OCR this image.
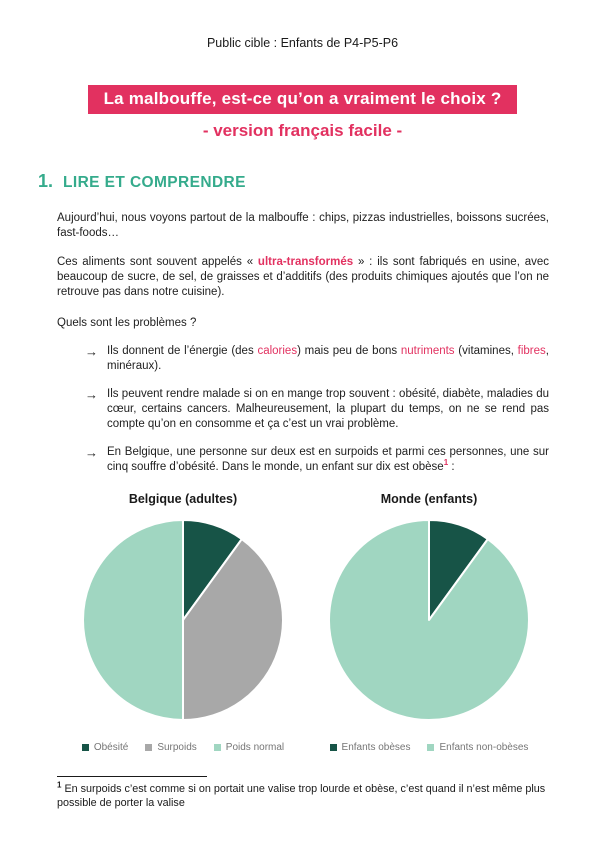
Public cible : Enfants de P4-P5-P6
La malbouffe, est-ce qu’on a vraiment le choix ?
- version français facile -
1. LIRE ET COMPRENDRE

Aujourd’hui, nous voyons partout de la malbouffe : chips, pizzas industrielles, boissons sucrées, fast-foods…

Ces aliments sont souvent appelés « ultra-transformés » : ils sont fabriqués en usine, avec beaucoup de sucre, de sel, de graisses et d’additifs (des produits chimiques ajoutés que l’on ne retrouve pas dans notre cuisine).

Quels sont les problèmes ?

→ Ils donnent de l’énergie (des calories) mais peu de bons nutriments (vitamines, fibres, minéraux).
→ Ils peuvent rendre malade si on en mange trop souvent : obésité, diabète, maladies du cœur, certains cancers. Malheureusement, la plupart du temps, on ne se rend pas compte qu’on en consomme et ça c’est un vrai problème.
→ En Belgique, une personne sur deux est en surpoids et parmi ces personnes, une sur cinq souffre d’obésité. Dans le monde, un enfant sur dix est obèse$^1$ :
Belgique (adultes)
Obésité	Surpoids	Poids normal
Monde (enfants)
Enfants obèses	Enfants non-obèses

$^1$ En surpoids c’est comme si on portait une valise trop lourde et obèse, c’est quand il n’est même plus possible de porter la valise
